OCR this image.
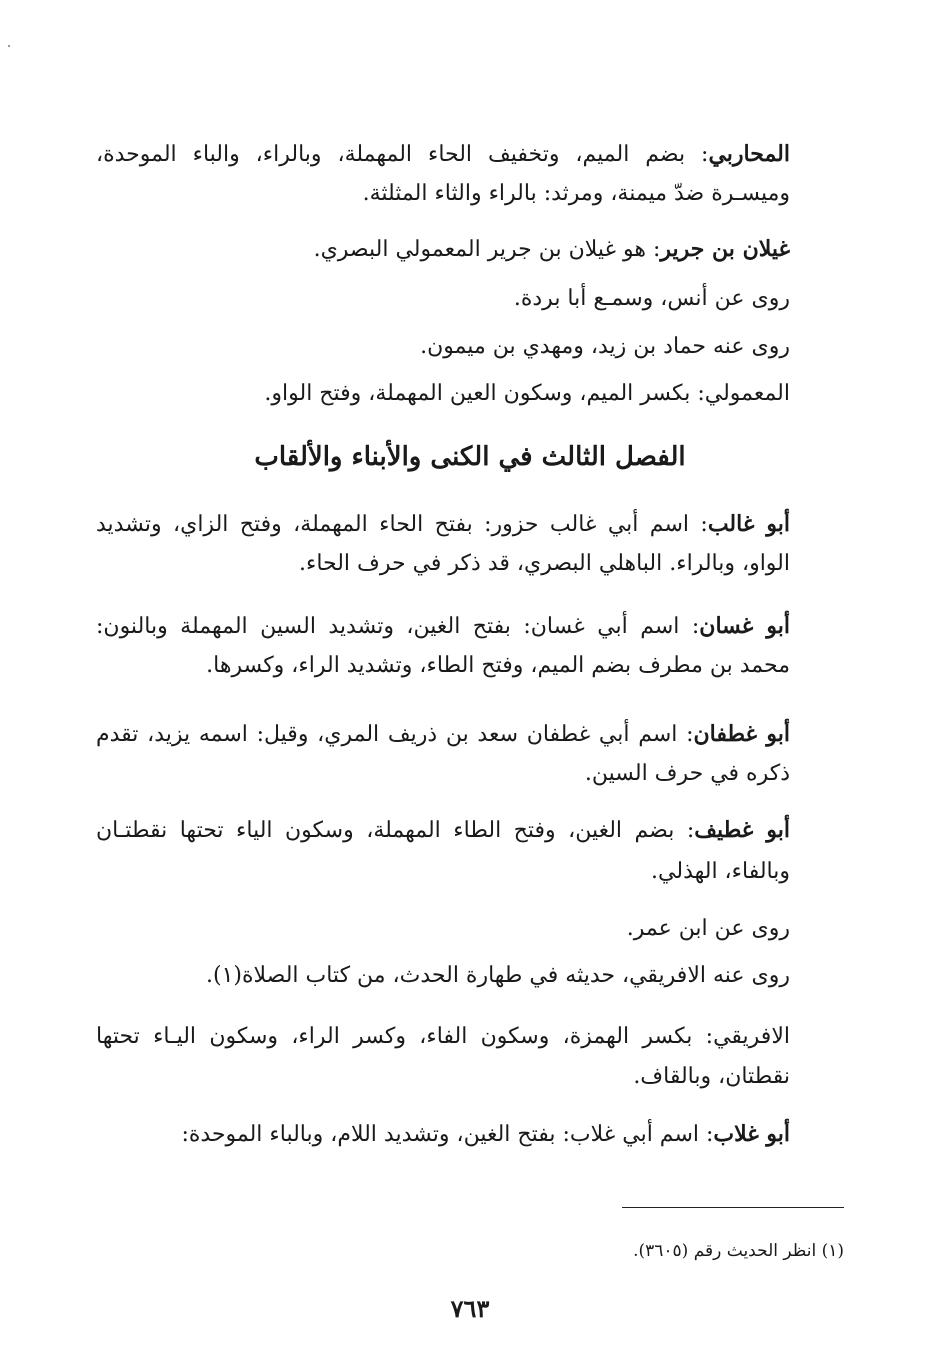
المحاربي: بضم الميم، وتخفيف الحاء المهملة، وبالراء، والباء الموحدة،

وميسـرة ضدّ ميمنة، ومرثد: بالراء والثاء المثلثة.

غيلان بن جرير: هو غيلان بن جرير المعمولي البصري.

روى عن أنس، وسمـع أبا بردة.

روى عنه حماد بن زيد، ومهدي بن ميمون.

المعمولي: بكسر الميم، وسكون العين المهملة، وفتح الواو.

الفصل الثالث في الكنى والأبناء والألقاب

أبو غالب: اسم أبي غالب حزور: بفتح الحاء المهملة، وفتح الزاي، وتشديد

الواو، وبالراء. الباهلي البصري، قد ذكر في حرف الحاء.

أبو غسان: اسم أبي غسان: بفتح الغين، وتشديد السين المهملة وبالنون:

محمد بن مطرف بضم الميم، وفتح الطاء، وتشديد الراء، وكسرها.

أبو غطفان: اسم أبي غطفان سعد بن ذريف المري، وقيل: اسمه يزيد، تقدم

ذكره في حرف السين.

أبو غطيف: بضم الغين، وفتح الطاء المهملة، وسكون الياء تحتها نقطتـان

وبالفاء، الهذلي.

روى عن ابن عمر.

روى عنه الافريقي، حديثه في طهارة الحدث، من كتاب الصلاة(١).

الافريقي: بكسر الهمزة، وسكون الفاء، وكسر الراء، وسكون اليـاء تحتها

نقطتان، وبالقاف.

أبو غلاب: اسم أبي غلاب: بفتح الغين، وتشديد اللام، وبالباء الموحدة:

(١) انظر الحديث رقم (٣٦٠٥).
٧٦٣
